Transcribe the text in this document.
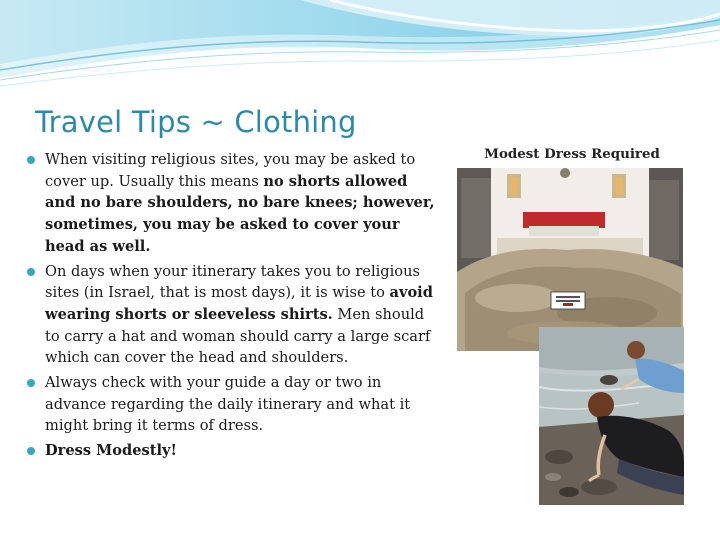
Travel Tips ~ Clothing
When visiting religious sites, you may be asked to cover up. Usually this means no shorts allowed and no bare shoulders, no bare knees; however, sometimes, you may be asked to cover your head as well.
On days when your itinerary takes you to religious sites (in Israel, that is most days), it is wise to avoid wearing shorts or sleeveless shirts. Men should to carry a hat and woman should carry a large scarf which can cover the head and shoulders.
Always check with your guide a day or two in advance regarding the daily itinerary and what it might bring it terms of dress.
Dress Modestly!
Modest Dress Required
